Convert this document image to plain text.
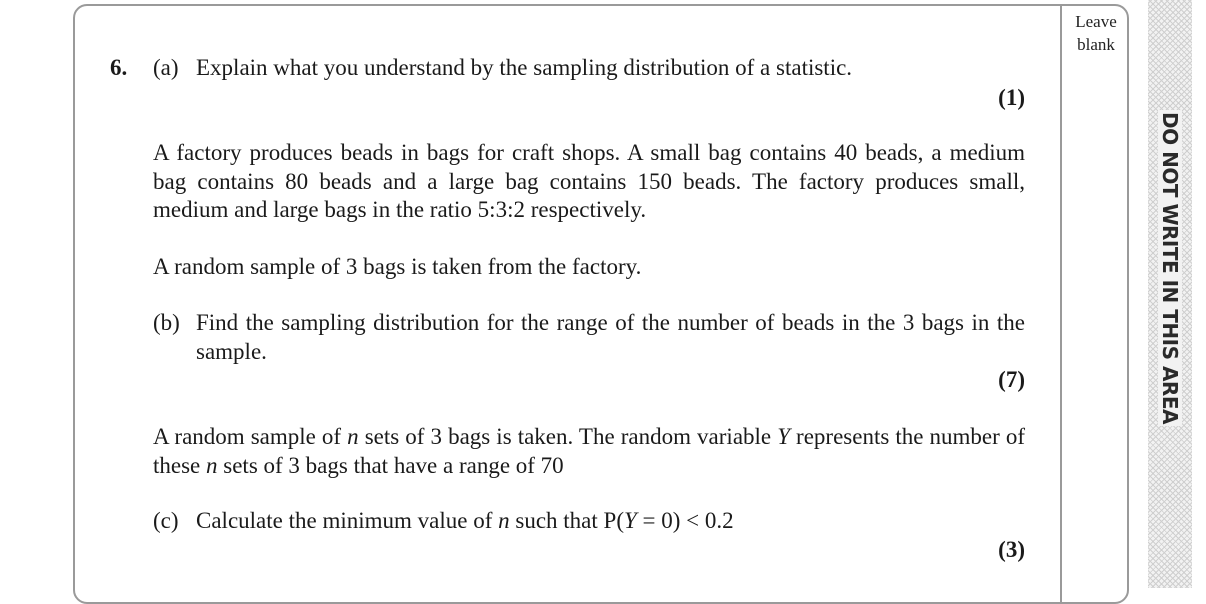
Leave
blank
DO NOT WRITE IN THIS AREA
6. (a) Explain what you understand by the sampling distribution of a statistic.
(1)
A factory produces beads in bags for craft shops. A small bag contains 40 beads, a medium bag contains 80 beads and a large bag contains 150 beads. The factory produces small, medium and large bags in the ratio 5:3:2 respectively.
A random sample of 3 bags is taken from the factory.
(b) Find the sampling distribution for the range of the number of beads in the 3 bags in the sample.
(7)
A random sample of n sets of 3 bags is taken. The random variable Y represents the number of these n sets of 3 bags that have a range of 70
(c) Calculate the minimum value of n such that P(Y = 0) < 0.2
(3)
